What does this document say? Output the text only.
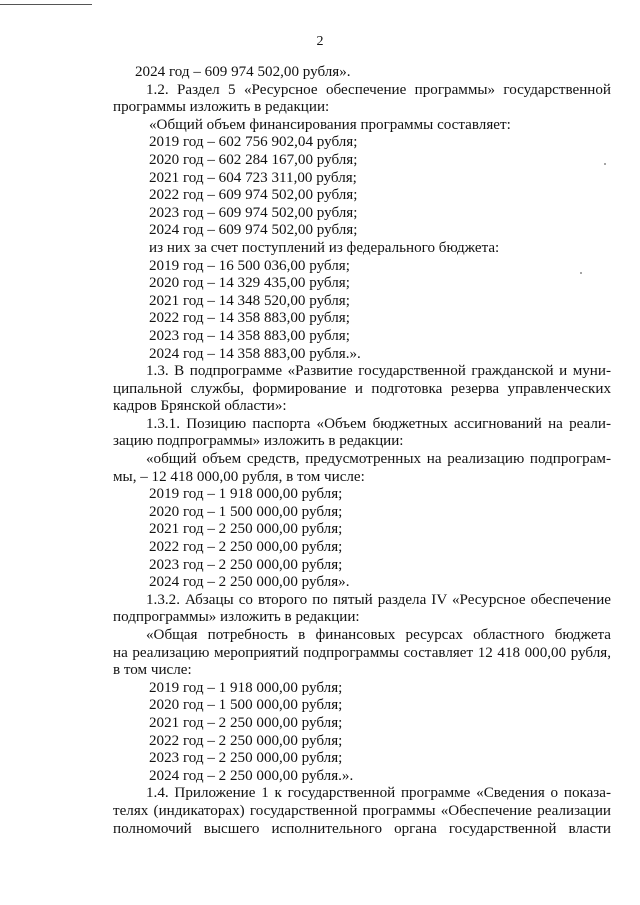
2
2024 год – 609 974 502,00 рубля».
1.2. Раздел 5 «Ресурсное обеспечение программы» государственной
программы изложить в редакции:
«Общий объем финансирования программы составляет:
2019 год – 602 756 902,04 рубля;
2020 год – 602 284 167,00 рубля;
2021 год – 604 723 311,00 рубля;
2022 год – 609 974 502,00 рубля;
2023 год – 609 974 502,00 рубля;
2024 год – 609 974 502,00 рубля;
из них за счет поступлений из федерального бюджета:
2019 год – 16 500 036,00 рубля;
2020 год – 14 329 435,00 рубля;
2021 год – 14 348 520,00 рубля;
2022 год – 14 358 883,00 рубля;
2023 год – 14 358 883,00 рубля;
2024 год – 14 358 883,00 рубля.».
1.3. В подпрограмме «Развитие государственной гражданской и муни-
ципальной службы, формирование и подготовка резерва управленческих
кадров Брянской области»:
1.3.1. Позицию паспорта «Объем бюджетных ассигнований на реали-
зацию подпрограммы» изложить в редакции:
«общий объем средств, предусмотренных на реализацию подпрограм-
мы, – 12 418 000,00 рубля, в том числе:
2019 год – 1 918 000,00 рубля;
2020 год – 1 500 000,00 рубля;
2021 год – 2 250 000,00 рубля;
2022 год – 2 250 000,00 рубля;
2023 год – 2 250 000,00 рубля;
2024 год – 2 250 000,00 рубля».
1.3.2. Абзацы со второго по пятый раздела IV «Ресурсное обеспечение
подпрограммы» изложить в редакции:
«Общая потребность в финансовых ресурсах областного бюджета
на реализацию мероприятий подпрограммы составляет 12 418 000,00 рубля,
в том числе:
2019 год – 1 918 000,00 рубля;
2020 год – 1 500 000,00 рубля;
2021 год – 2 250 000,00 рубля;
2022 год – 2 250 000,00 рубля;
2023 год – 2 250 000,00 рубля;
2024 год – 2 250 000,00 рубля.».
1.4. Приложение 1 к государственной программе «Сведения о показа-
телях (индикаторах) государственной программы «Обеспечение реализации
полномочий высшего исполнительного органа государственной власти
